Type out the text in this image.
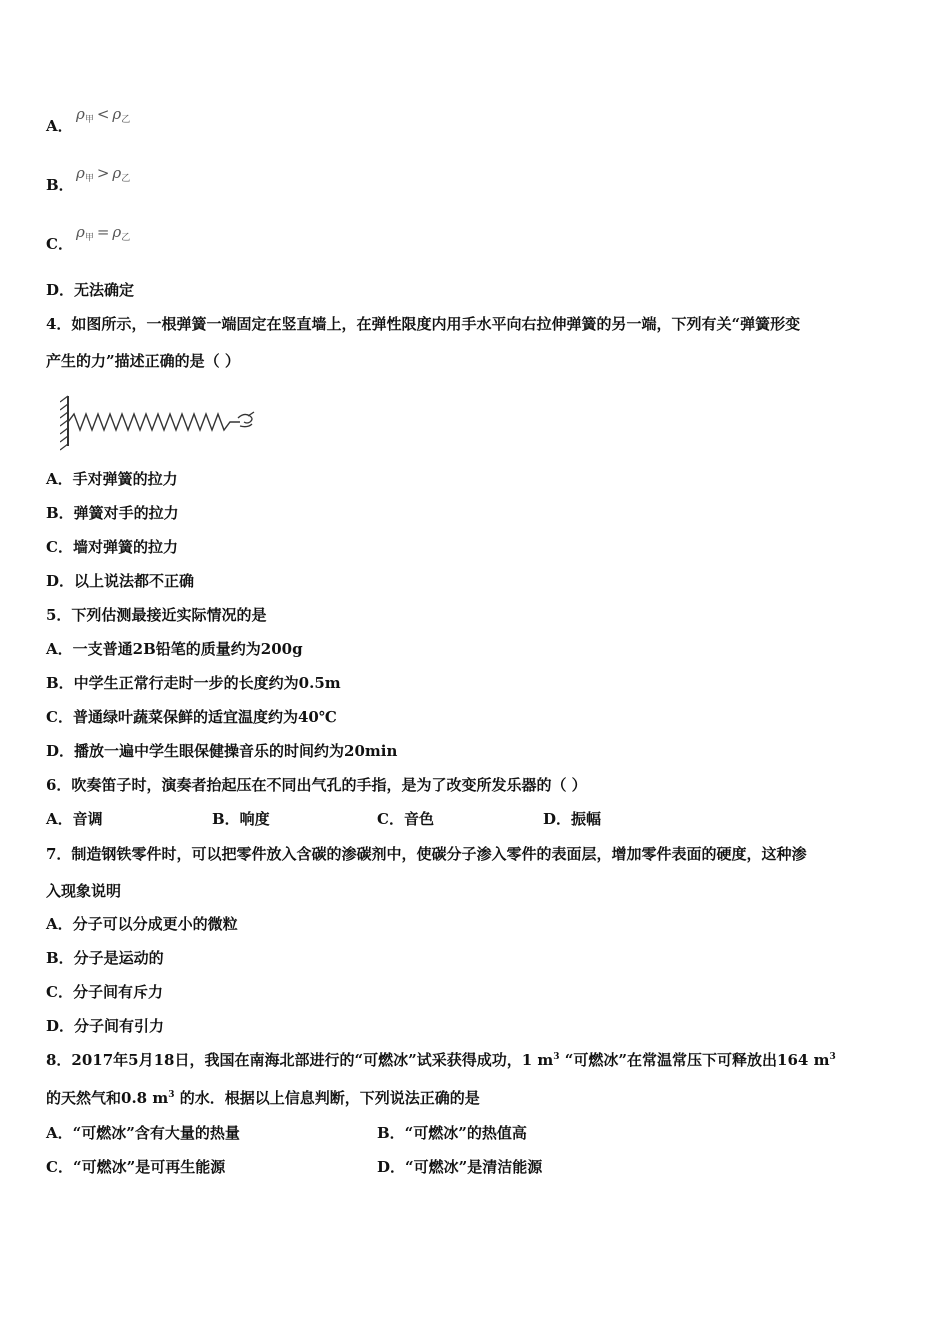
A．
$\rho_甲 < \rho_乙$
B．
$\rho_甲 > \rho_乙$
C．
$\rho_甲 = \rho_乙$
D．无法确定
4．如图所示，一根弹簧一端固定在竖直墙上，在弹性限度内用手水平向右拉伸弹簧的另一端，下列有关“弹簧形变
产生的力”描述正确的是（ ）
A．手对弹簧的拉力
B．弹簧对手的拉力
C．墙对弹簧的拉力
D．以上说法都不正确
5．下列估测最接近实际情况的是
A．一支普通2B铅笔的质量约为200g
B．中学生正常行走时一步的长度约为0.5m
C．普通绿叶蔬菜保鲜的适宜温度约为40℃
D．播放一遍中学生眼保健操音乐的时间约为20min
6．吹奏笛子时，演奏者抬起压在不同出气孔的手指，是为了改变所发乐器的（ ）
A．音调	B．响度	C．音色	D．振幅
7．制造钢铁零件时，可以把零件放入含碳的渗碳剂中，使碳分子渗入零件的表面层，增加零件表面的硬度，这种渗
入现象说明
A．分子可以分成更小的微粒
B．分子是运动的
C．分子间有斥力
D．分子间有引力
8．2017年5月18日，我国在南海北部进行的“可燃冰”试采获得成功，1 $m^3$ “可燃冰”在常温常压下可释放出164 $m^3$
的天然气和0.8 $m^3$ 的水．根据以上信息判断，下列说法正确的是
A．“可燃冰”含有大量的热量	B．“可燃冰”的热值高
C．“可燃冰”是可再生能源	D．“可燃冰”是清洁能源
